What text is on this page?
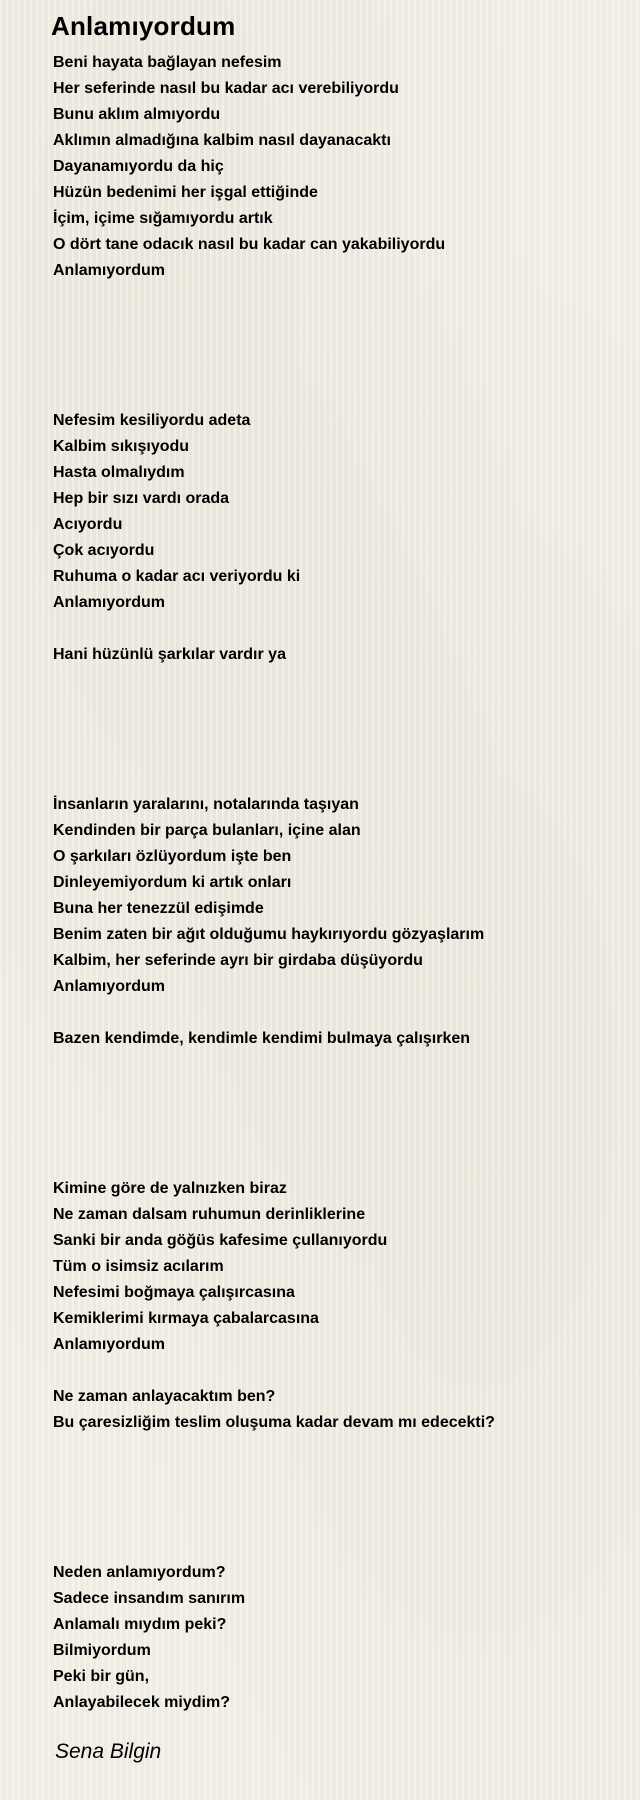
Anlamıyordum
Beni hayata bağlayan nefesim
Her seferinde nasıl bu kadar acı verebiliyordu
Bunu aklım almıyordu
Aklımın almadığına kalbim nasıl dayanacaktı
Dayanamıyordu da hiç
Hüzün bedenimi her işgal ettiğinde
İçim, içime sığamıyordu artık
O dört tane odacık nasıl bu kadar can yakabiliyordu
Anlamıyordum
Nefesim kesiliyordu adeta
Kalbim sıkışıyodu
Hasta olmalıydım
Hep bir sızı vardı orada
Acıyordu
Çok acıyordu
Ruhuma o kadar acı veriyordu ki
Anlamıyordum
Hani hüzünlü şarkılar vardır ya
İnsanların yaralarını, notalarında taşıyan
Kendinden bir parça bulanları, içine alan
O şarkıları özlüyordum işte ben
Dinleyemiyordum ki artık onları
Buna her tenezzül edişimde
Benim zaten bir ağıt olduğumu haykırıyordu gözyaşlarım
Kalbim, her seferinde ayrı bir girdaba düşüyordu
Anlamıyordum
Bazen kendimde, kendimle kendimi bulmaya çalışırken
Kimine göre de yalnızken biraz
Ne zaman dalsam ruhumun derinliklerine
Sanki bir anda göğüs kafesime çullanıyordu
Tüm o isimsiz acılarım
Nefesimi boğmaya çalışırcasına
Kemiklerimi kırmaya çabalarcasına
Anlamıyordum
Ne zaman anlayacaktım ben?
Bu çaresizliğim teslim oluşuma kadar devam mı edecekti?
Neden anlamıyordum?
Sadece insandım sanırım
Anlamalı mıydım peki?
Bilmiyordum
Peki bir gün,
Anlayabilecek miydim?
Sena Bilgin
